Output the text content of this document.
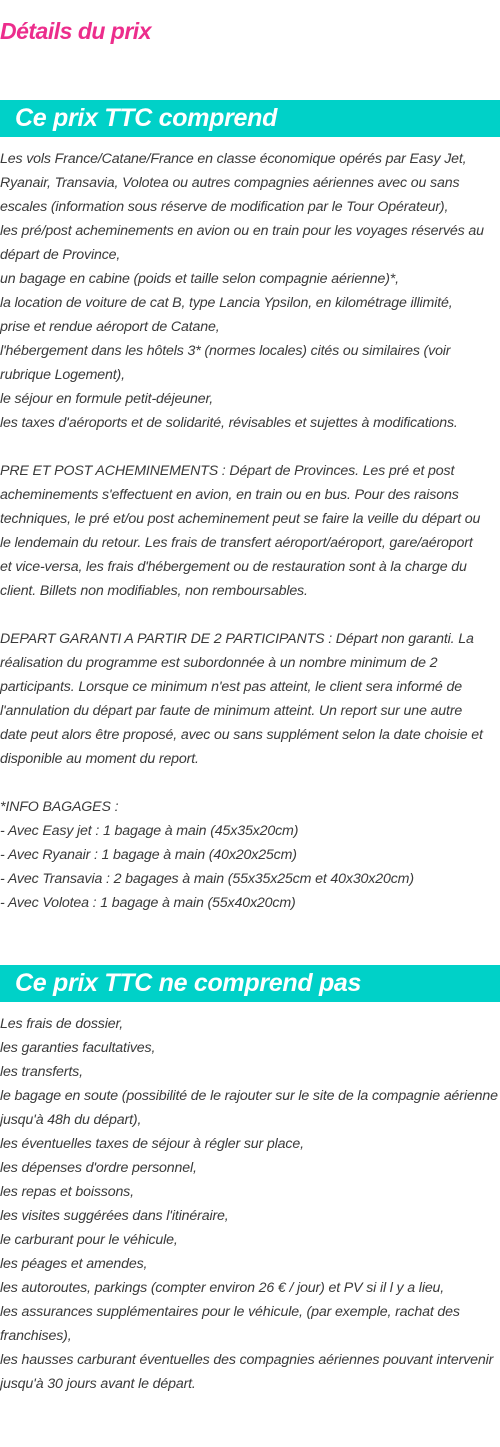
Détails du prix
Ce prix TTC comprend
Les vols France/Catane/France en classe économique opérés par Easy Jet,
Ryanair, Transavia, Volotea ou autres compagnies aériennes avec ou sans
escales (information sous réserve de modification par le Tour Opérateur),
les pré/post acheminements en avion ou en train pour les voyages réservés au
départ de Province,
un bagage en cabine (poids et taille selon compagnie aérienne)*,
la location de voiture de cat B, type Lancia Ypsilon, en kilométrage illimité,
prise et rendue aéroport de Catane,
l'hébergement dans les hôtels 3* (normes locales) cités ou similaires (voir
rubrique Logement),
le séjour en formule petit-déjeuner,
les taxes d'aéroports et de solidarité, révisables et sujettes à modifications.
PRE ET POST ACHEMINEMENTS : Départ de Provinces. Les pré et post
acheminements s'effectuent en avion, en train ou en bus. Pour des raisons
techniques, le pré et/ou post acheminement peut se faire la veille du départ ou
le lendemain du retour. Les frais de transfert aéroport/aéroport, gare/aéroport
et vice-versa, les frais d'hébergement ou de restauration sont à la charge du
client. Billets non modifiables, non remboursables.
DEPART GARANTI A PARTIR DE 2 PARTICIPANTS : Départ non garanti. La
réalisation du programme est subordonnée à un nombre minimum de 2
participants. Lorsque ce minimum n'est pas atteint, le client sera informé de
l'annulation du départ par faute de minimum atteint. Un report sur une autre
date peut alors être proposé, avec ou sans supplément selon la date choisie et
disponible au moment du report.
*INFO BAGAGES :
- Avec Easy jet : 1 bagage à main (45x35x20cm)
- Avec Ryanair : 1 bagage à main (40x20x25cm)
- Avec Transavia : 2 bagages à main (55x35x25cm et 40x30x20cm)
- Avec Volotea : 1 bagage à main (55x40x20cm)
Ce prix TTC ne comprend pas
Les frais de dossier,
les garanties facultatives,
les transferts,
le bagage en soute (possibilité de le rajouter sur le site de la compagnie aérienne
jusqu'à 48h du départ),
les éventuelles taxes de séjour à régler sur place,
les dépenses d'ordre personnel,
les repas et boissons,
les visites suggérées dans l'itinéraire,
le carburant pour le véhicule,
les péages et amendes,
les autoroutes, parkings (compter environ 26 € / jour) et PV si il l y a lieu,
les assurances supplémentaires pour le véhicule, (par exemple, rachat des
franchises),
les hausses carburant éventuelles des compagnies aériennes pouvant intervenir
jusqu'à 30 jours avant le départ.
